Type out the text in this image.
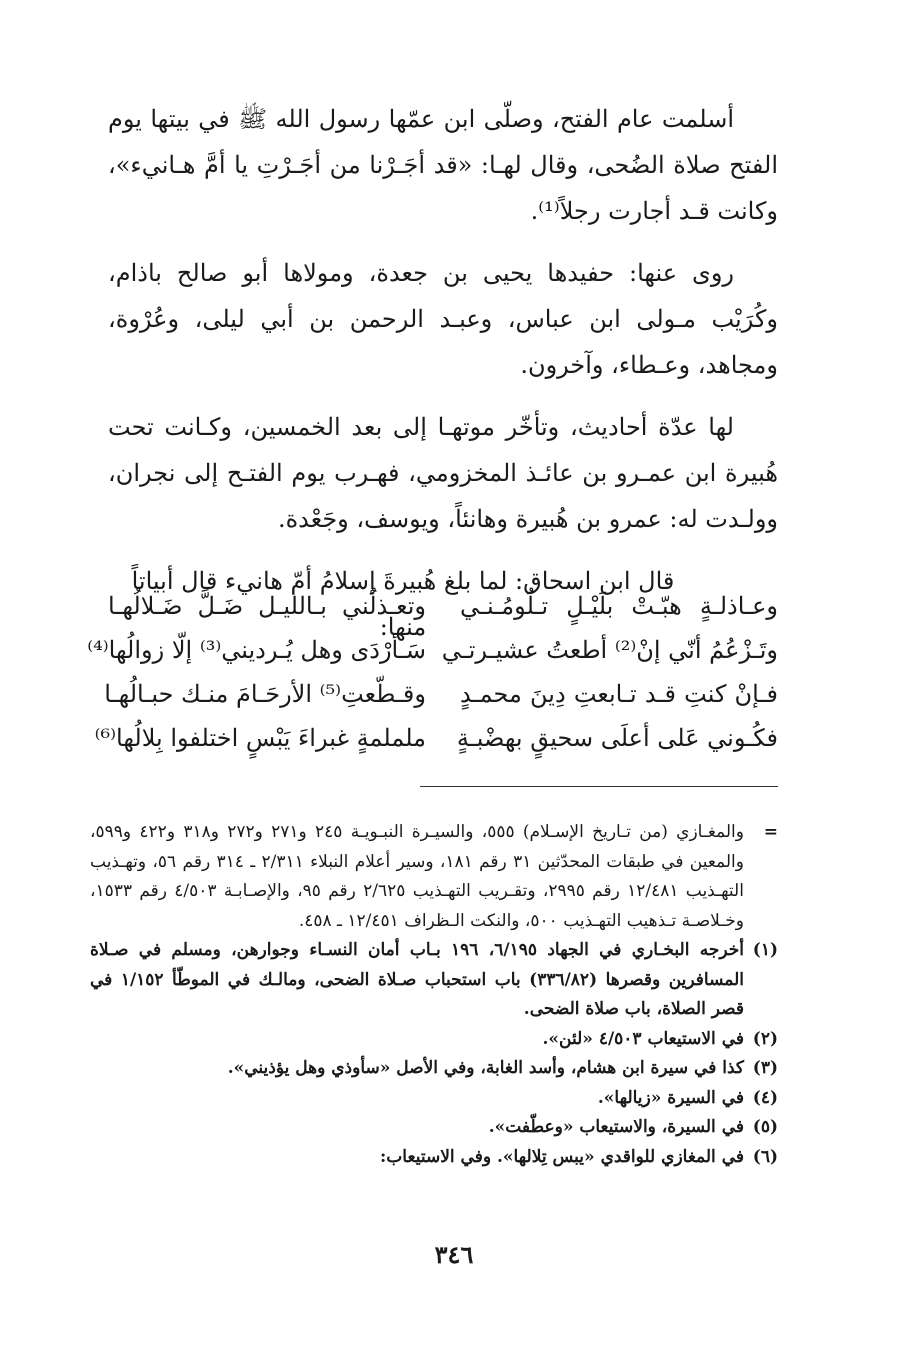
أسلمت عام الفتح، وصلّى ابن عمّها رسول الله ﷺ في بيتها يوم الفتح صلاة الضُحى، وقال لهـا: «قد أجَـرْنا من أجَـرْتِ يا أمَّ هـانيء»، وكانت قـد أجارت رجلاً⁽¹⁾.

روى عنها: حفيدها يحيى بن جعدة، ومولاها أبو صالح باذام، وكُرَيْب مـولى ابن عباس، وعبـد الرحمن بن أبي ليلى، وعُرْوة، ومجاهد، وعـطاء، وآخرون.

لها عدّة أحاديث، وتأخّر موتهـا إلى بعد الخمسين، وكـانت تحت هُبيرة ابن عمـرو بن عائـذ المخزومي، فهـرب يوم الفتـح إلى نجران، وولـدت له: عمرو بن هُبيرة وهانئاً، ويوسف، وجَعْدة.

قال ابن اسحاق: لما بلغ هُبيرةَ إسلامُ أمّ هانيء قال أبياتاً منها:

وعـاذلـةٍ هبّـتْ بلَيْـلٍ تـلُومُـنـي
وتعـذلُني بـالليـل ضَـلَّ ضَـلالُهـا
وتَـزْعُمُ أنّي إنْ⁽²⁾ أطعتُ عشيـرتـي
سَـأرْدَى وهل يُـرديني⁽³⁾ إلّا زوالُها⁽⁴⁾
فـإنْ كنتِ قـد تـابعتِ دِينَ محمـدٍ
وقـطّعتِ⁽⁵⁾ الأرحَـامَ منـك حبـالُهـا
فكُـوني عَلى أعلَى سحيقٍ بهضْبـةٍ
ململمةٍ غبراءَ يَبْسٍ اختلفوا بِلالُها⁽⁶⁾
=
والمغـازي (من تـاريخ الإسـلام) ٥٥٥، والسيـرة النبـويـة ٢٤٥ و٢٧١ و٢٧٢ و٣١٨ و٤٢٢ و٥٩٩، والمعين في طبقات المحدّثين ٣١ رقم ١٨١، وسير أعلام النبلاء ٢/٣١١ ـ ٣١٤ رقم ٥٦، وتهـذيب التهـذيب ١٢/٤٨١ رقم ٢٩٩٥، وتقـريب التهـذيب ٢/٦٢٥ رقم ٩٥، والإصـابـة ٤/٥٠٣ رقم ١٥٣٣، وخـلاصـة تـذهيب التهـذيب ٥٠٠، والنكت الـظراف ١٢/٤٥١ ـ ٤٥٨.
(١)
أخرجه البخـاري في الجهاد ٦/١٩٥، ١٩٦ بـاب أمان النسـاء وجوارهن، ومسلم في صـلاة المسافرين وقصرها (٣٣٦/٨٢) باب استحباب صـلاة الضحى، ومالـك في الموطّأ ١/١٥٢ في قصر الصلاة، باب صلاة الضحى.
(٢)
في الاستيعاب ٤/٥٠٣ «لئن».
(٣)
كذا في سيرة ابن هشام، وأسد الغابة، وفي الأصل «سأوذي وهل يؤذيني».
(٤)
في السيرة «زيالها».
(٥)
في السيرة، والاستيعاب «وعطّفت».
(٦)
في المغازي للواقدي «يبس تِلالها». وفي الاستيعاب:
٣٤٦
